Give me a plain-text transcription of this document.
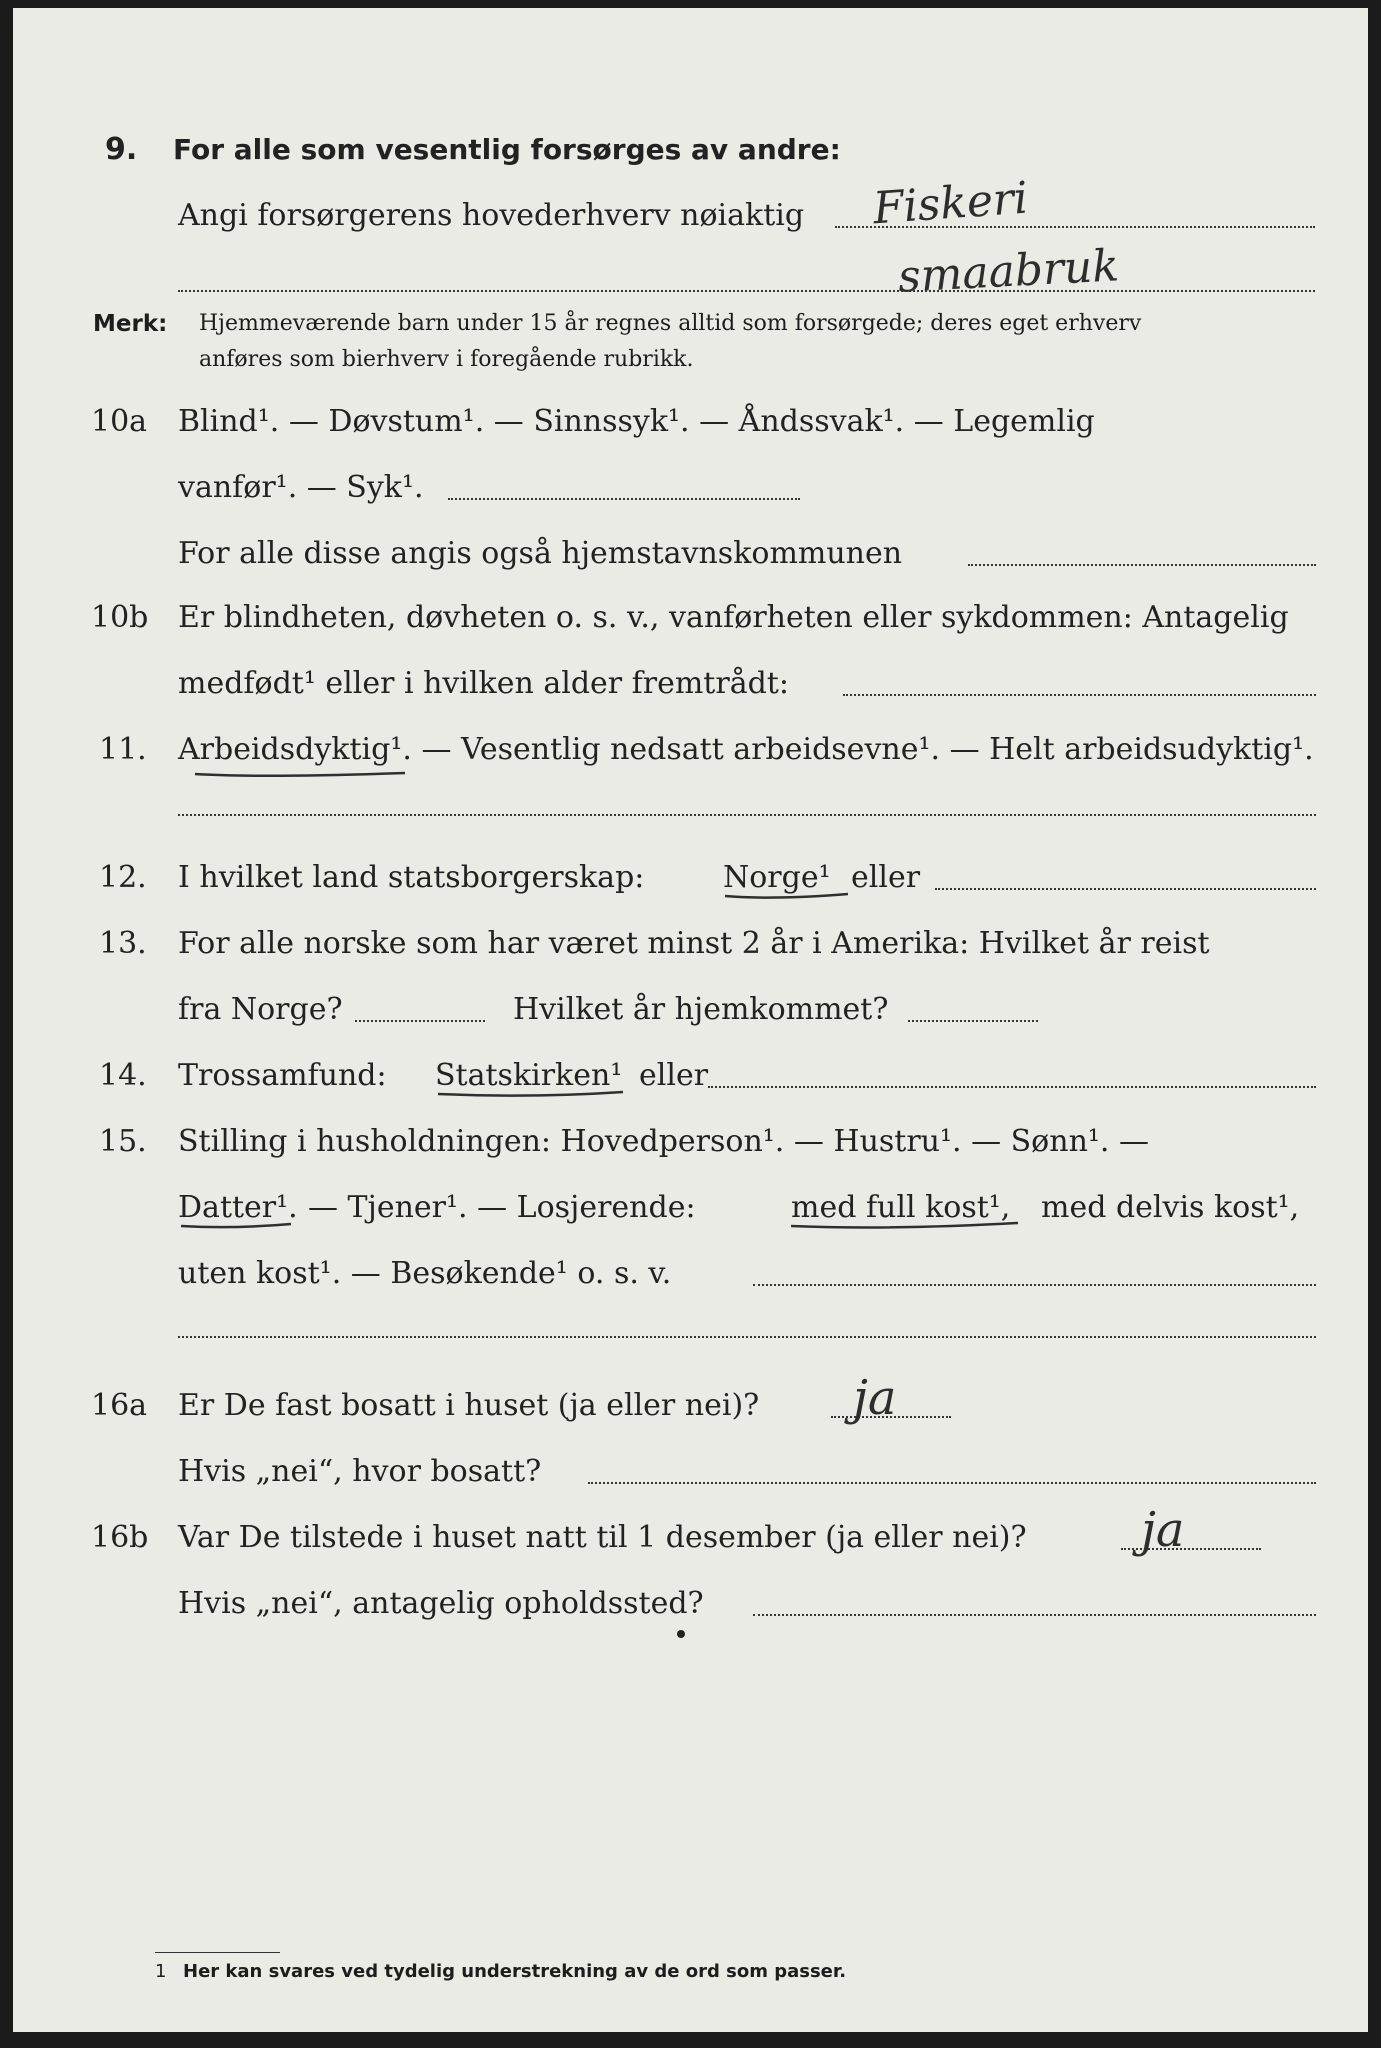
9. For alle som vesentlig forsørges av andre:
Angi forsørgerens hovederhverv nøiaktig Fiskeri
smaabruk
Merk: Hjemmeværende barn under 15 år regnes alltid som forsørgede; deres eget erhverv
anføres som bierhverv i foregående rubrikk.
10a Blind¹. — Døvstum¹. — Sinnssyk¹. — Åndssvak¹. — Legemlig
vanfør¹. — Syk¹.
For alle disse angis også hjemstavnskommunen
10b Er blindheten, døvheten o. s. v., vanførheten eller sykdommen: Antagelig
medfødt¹ eller i hvilken alder fremtrådt:
11. Arbeidsdyktig¹. — Vesentlig nedsatt arbeidsevne¹. — Helt arbeidsudyktig¹.
12. I hvilket land statsborgerskap:	Norge¹ eller
13. For alle norske som har været minst 2 år i Amerika: Hvilket år reist
fra Norge?	Hvilket år hjemkommet?
14. Trossamfund: Statskirken¹ eller
15. Stilling i husholdningen: Hovedperson¹. — Hustru¹. — Sønn¹. —
Datter¹. — Tjener¹. — Losjerende:	med full kost¹, med delvis kost¹,
uten kost¹. — Besøkende¹ o. s. v.
16a Er De fast bosatt i huset (ja eller nei)? ja
Hvis „nei“, hvor bosatt?
16b Var De tilstede i huset natt til 1 desember (ja eller nei)? ja
Hvis „nei“, antagelig opholdssted?
1 Her kan svares ved tydelig understrekning av de ord som passer.
